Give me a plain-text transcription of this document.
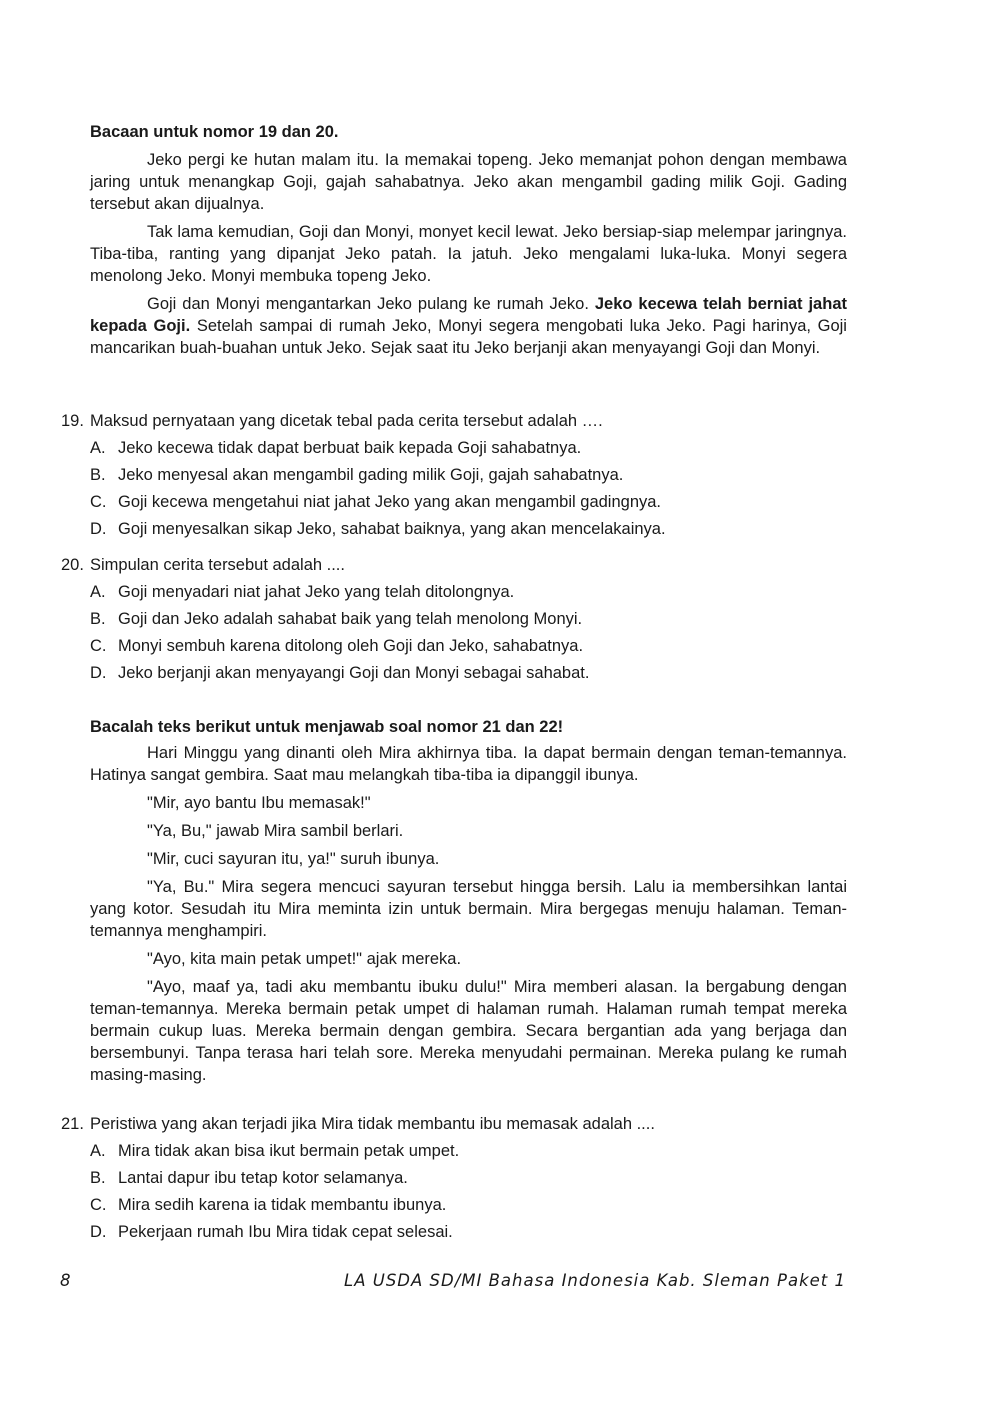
Bacaan untuk nomor 19 dan 20.

Jeko pergi ke hutan malam itu. Ia memakai topeng. Jeko memanjat pohon dengan membawa jaring untuk menangkap Goji, gajah sahabatnya. Jeko akan mengambil gading milik Goji. Gading tersebut akan dijualnya.

Tak lama kemudian, Goji dan Monyi, monyet kecil lewat. Jeko bersiap-siap melempar jaringnya. Tiba-tiba, ranting yang dipanjat Jeko patah. Ia jatuh. Jeko mengalami luka-luka. Monyi segera menolong Jeko. Monyi membuka topeng Jeko.

Goji dan Monyi mengantarkan Jeko pulang ke rumah Jeko. Jeko kecewa telah berniat jahat kepada Goji. Setelah sampai di rumah Jeko, Monyi segera mengobati luka Jeko. Pagi harinya, Goji mancarikan buah-buahan untuk Jeko. Sejak saat itu Jeko berjanji akan menyayangi Goji dan Monyi.

19. Maksud pernyataan yang dicetak tebal pada cerita tersebut adalah ….
A. Jeko kecewa tidak dapat berbuat baik kepada Goji sahabatnya.
B. Jeko menyesal akan mengambil gading milik Goji, gajah sahabatnya.
C. Goji kecewa mengetahui niat jahat Jeko yang akan mengambil gadingnya.
D. Goji menyesalkan sikap Jeko, sahabat baiknya, yang akan mencelakainya.
20. Simpulan cerita tersebut adalah ....
A. Goji menyadari niat jahat Jeko yang telah ditolongnya.
B. Goji dan Jeko adalah sahabat baik yang telah menolong Monyi.
C. Monyi sembuh karena ditolong oleh Goji dan Jeko, sahabatnya.
D. Jeko berjanji akan menyayangi Goji dan Monyi sebagai sahabat.
Bacalah teks berikut untuk menjawab soal nomor 21 dan 22!

Hari Minggu yang dinanti oleh Mira akhirnya tiba. Ia dapat bermain dengan teman-temannya. Hatinya sangat gembira. Saat mau melangkah tiba-tiba ia dipanggil ibunya.

"Mir, ayo bantu Ibu memasak!"

"Ya, Bu," jawab Mira sambil berlari.

"Mir, cuci sayuran itu, ya!" suruh ibunya.

"Ya, Bu." Mira segera mencuci sayuran tersebut hingga bersih. Lalu ia membersihkan lantai yang kotor. Sesudah itu Mira meminta izin untuk bermain. Mira bergegas menuju halaman. Teman-temannya menghampiri.

"Ayo, kita main petak umpet!" ajak mereka.

"Ayo, maaf ya, tadi aku membantu ibuku dulu!" Mira memberi alasan. Ia bergabung dengan teman-temannya. Mereka bermain petak umpet di halaman rumah. Halaman rumah tempat mereka bermain cukup luas. Mereka bermain dengan gembira. Secara bergantian ada yang berjaga dan bersembunyi. Tanpa terasa hari telah sore. Mereka menyudahi permainan. Mereka pulang ke rumah masing-masing.

21. Peristiwa yang akan terjadi jika Mira tidak membantu ibu memasak adalah ....
A. Mira tidak akan bisa ikut bermain petak umpet.
B. Lantai dapur ibu tetap kotor selamanya.
C. Mira sedih karena ia tidak membantu ibunya.
D. Pekerjaan rumah Ibu Mira tidak cepat selesai.
8	LA USDA SD/MI Bahasa Indonesia Kab. Sleman Paket 1
